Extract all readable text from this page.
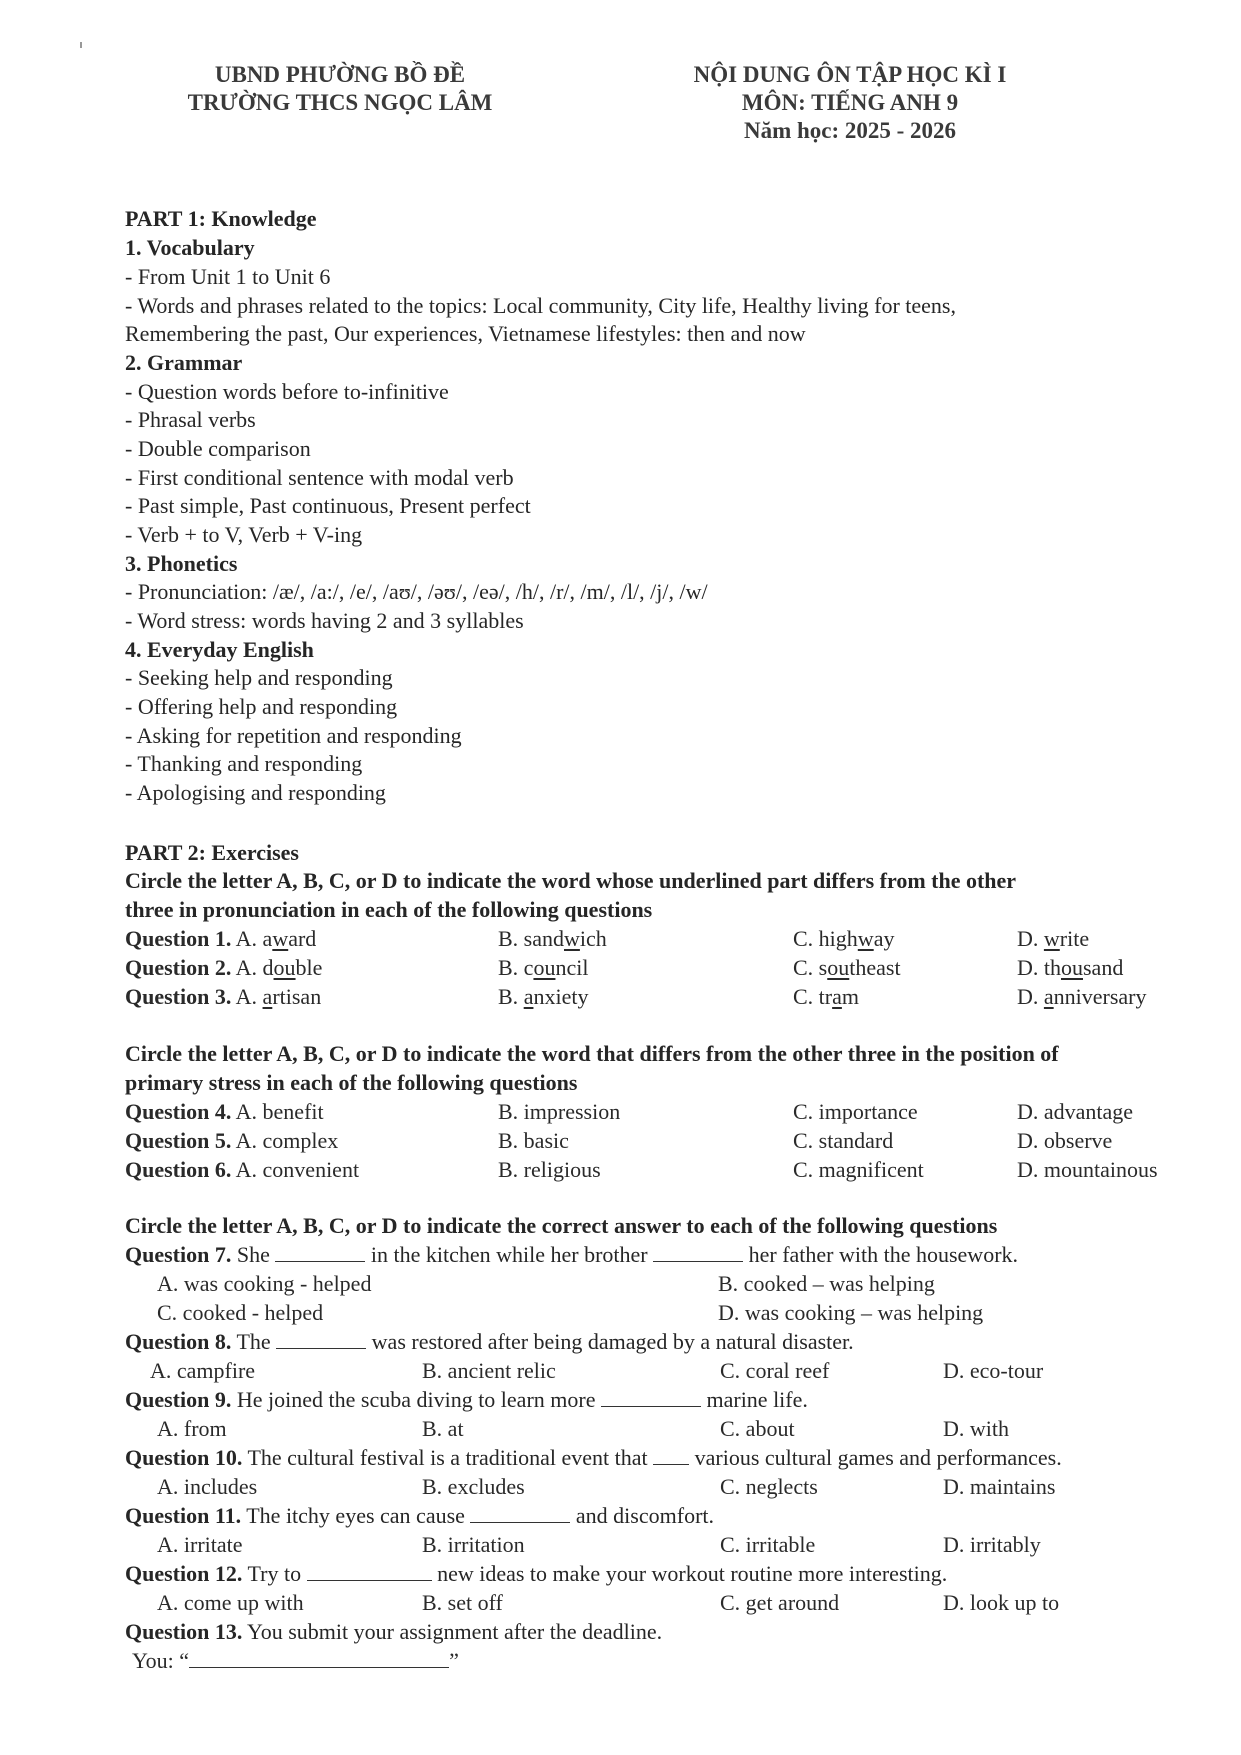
UBND PHƯỜNG BỒ ĐỀ
TRƯỜNG THCS NGỌC LÂM
NỘI DUNG ÔN TẬP HỌC KÌ I
MÔN: TIẾNG ANH 9
Năm học: 2025 - 2026
PART 1: Knowledge
1. Vocabulary
- From Unit 1 to Unit 6
- Words and phrases related to the topics: Local community, City life, Healthy living for teens,
Remembering the past, Our experiences, Vietnamese lifestyles: then and now
2. Grammar
- Question words before to-infinitive
- Phrasal verbs
- Double comparison
- First conditional sentence with modal verb
- Past simple, Past continuous, Present perfect
- Verb + to V, Verb + V-ing
3. Phonetics
- Pronunciation: /æ/, /a:/, /e/, /aʊ/, /əʊ/, /eə/, /h/, /r/, /m/, /l/, /j/, /w/
- Word stress: words having 2 and 3 syllables
4. Everyday English
- Seeking help and responding
- Offering help and responding
- Asking for repetition and responding
- Thanking and responding
- Apologising and responding
PART 2: Exercises
Circle the letter A, B, C, or D to indicate the word whose underlined part differs from the other
three in pronunciation in each of the following questions
Question 1. A. award	B. sandwich	C. highway	D. write
Question 2. A. double	B. council	C. southeast	D. thousand
Question 3. A. artisan	B. anxiety	C. tram	D. anniversary
Circle the letter A, B, C, or D to indicate the word that differs from the other three in the position of
primary stress in each of the following questions
Question 4. A. benefit	B. impression	C. importance	D. advantage
Question 5. A. complex	B. basic	C. standard	D. observe
Question 6. A. convenient	B. religious	C. magnificent	D. mountainous
Circle the letter A, B, C, or D to indicate the correct answer to each of the following questions
Question 7. She	in the kitchen while her brother	her father with the housework.
A. was cooking - helped	B. cooked – was helping
C. cooked - helped	D. was cooking – was helping
Question 8. The	was restored after being damaged by a natural disaster.
A. campfire	B. ancient relic	C. coral reef	D. eco-tour
Question 9. He joined the scuba diving to learn more	marine life.
A. from	B. at	C. about	D. with
Question 10. The cultural festival is a traditional event that  various cultural games and performances.
A. includes	B. excludes	C. neglects	D. maintains
Question 11. The itchy eyes can cause	and discomfort.
A. irritate	B. irritation	C. irritable	D. irritably
Question 12. Try to	new ideas to make your workout routine more interesting.
A. come up with	B. set off	C. get around	D. look up to
Question 13. You submit your assignment after the deadline.
You: “	”
